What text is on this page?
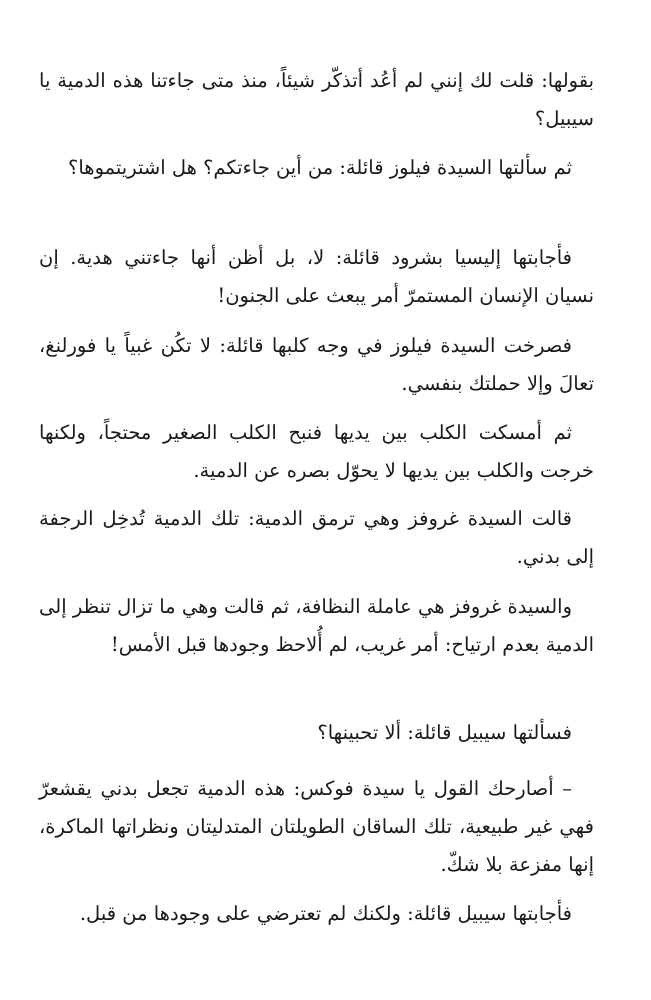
بقولها: قلت لك إنني لم أعُد أتذكّر شيئاً، منذ متى جاءتنا هذه الدمية يا سيبيل؟

ثم سألتها السيدة فيلوز قائلة: من أين جاءتكم؟ هل اشتريتموها؟

فأجابتها إليسيا بشرود قائلة: لا، بل أظن أنها جاءتني هدية. إن نسيان الإنسان المستمرّ أمر يبعث على الجنون!

فصرخت السيدة فيلوز في وجه كلبها قائلة: لا تكُن غبياً يا فورلنغ، تعالَ وإلا حملتك بنفسي.

ثم أمسكت الكلب بين يديها فنبح الكلب الصغير محتجاً، ولكنها خرجت والكلب بين يديها لا يحوّل بصره عن الدمية.

قالت السيدة غروفز وهي ترمق الدمية: تلك الدمية تُدخِل الرجفة إلى بدني.

والسيدة غروفز هي عاملة النظافة، ثم قالت وهي ما تزال تنظر إلى الدمية بعدم ارتياح: أمر غريب، لم أُلاحظ وجودها قبل الأمس!

فسألتها سيبيل قائلة: ألا تحبينها؟

– أصارحك القول يا سيدة فوكس: هذه الدمية تجعل بدني يقشعرّ فهي غير طبيعية، تلك الساقان الطويلتان المتدليتان ونظراتها الماكرة، إنها مفزعة بلا شكّ.

فأجابتها سيبيل قائلة: ولكنك لم تعترضي على وجودها من قبل.
